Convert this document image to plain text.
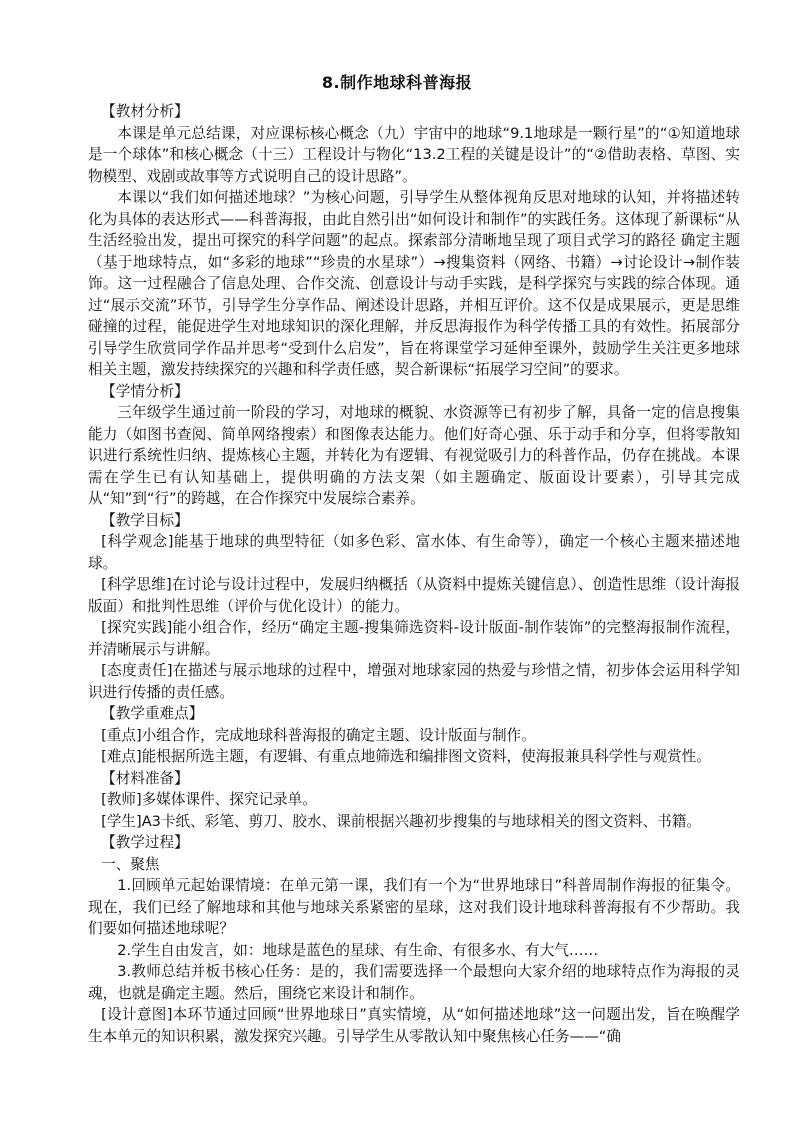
8.制作地球科普海报

【教材分析】

本课是单元总结课，对应课标核心概念（九）宇宙中的地球“9.1地球是一颗行星”的“①知道地球是一个球体”和核心概念（十三）工程设计与物化“13.2工程的关键是设计”的“②借助表格、草图、实物模型、戏剧或故事等方式说明自己的设计思路”。

本课以“我们如何描述地球？”为核心问题，引导学生从整体视角反思对地球的认知，并将描述转化为具体的表达形式——科普海报，由此自然引出“如何设计和制作”的实践任务。这体现了新课标“从生活经验出发，提出可探究的科学问题”的起点。探索部分清晰地呈现了项目式学习的路径 确定主题（基于地球特点，如“多彩的地球”“珍贵的水星球”）→搜集资料（网络、书籍）→讨论设计→制作装饰。这一过程融合了信息处理、合作交流、创意设计与动手实践，是科学探究与实践的综合体现。通过“展示交流”环节，引导学生分享作品、阐述设计思路，并相互评价。这不仅是成果展示，更是思维碰撞的过程，能促进学生对地球知识的深化理解，并反思海报作为科学传播工具的有效性。拓展部分引导学生欣赏同学作品并思考“受到什么启发”，旨在将课堂学习延伸至课外，鼓励学生关注更多地球相关主题，激发持续探究的兴趣和科学责任感，契合新课标“拓展学习空间”的要求。

【学情分析】

三年级学生通过前一阶段的学习，对地球的概貌、水资源等已有初步了解，具备一定的信息搜集能力（如图书查阅、简单网络搜索）和图像表达能力。他们好奇心强、乐于动手和分享，但将零散知识进行系统性归纳、提炼核心主题，并转化为有逻辑、有视觉吸引力的科普作品，仍存在挑战。本课需在学生已有认知基础上，提供明确的方法支架（如主题确定、版面设计要素），引导其完成从“知”到“行”的跨越，在合作探究中发展综合素养。

【教学目标】

[科学观念]能基于地球的典型特征（如多色彩、富水体、有生命等），确定一个核心主题来描述地球。

[科学思维]在讨论与设计过程中，发展归纳概括（从资料中提炼关键信息）、创造性思维（设计海报版面）和批判性思维（评价与优化设计）的能力。

[探究实践]能小组合作，经历“确定主题-搜集筛选资料-设计版面-制作装饰”的完整海报制作流程，并清晰展示与讲解。

[态度责任]在描述与展示地球的过程中，增强对地球家园的热爱与珍惜之情，初步体会运用科学知识进行传播的责任感。

【教学重难点】

[重点]小组合作，完成地球科普海报的确定主题、设计版面与制作。

[难点]能根据所选主题，有逻辑、有重点地筛选和编排图文资料，使海报兼具科学性与观赏性。

【材料准备】

[教师]多媒体课件、探究记录单。

[学生]A3卡纸、彩笔、剪刀、胶水、课前根据兴趣初步搜集的与地球相关的图文资料、书籍。

【教学过程】

一、聚焦

1.回顾单元起始课情境：在单元第一课，我们有一个为“世界地球日”科普周制作海报的征集令。现在，我们已经了解地球和其他与地球关系紧密的星球，这对我们设计地球科普海报有不少帮助。我们要如何描述地球呢？

2.学生自由发言，如：地球是蓝色的星球、有生命、有很多水、有大气……

3.教师总结并板书核心任务：是的，我们需要选择一个最想向大家介绍的地球特点作为海报的灵魂，也就是确定主题。然后，围绕它来设计和制作。

[设计意图]本环节通过回顾“世界地球日”真实情境，从“如何描述地球”这一问题出发，旨在唤醒学生本单元的知识积累，激发探究兴趣。引导学生从零散认知中聚焦核心任务——“确
